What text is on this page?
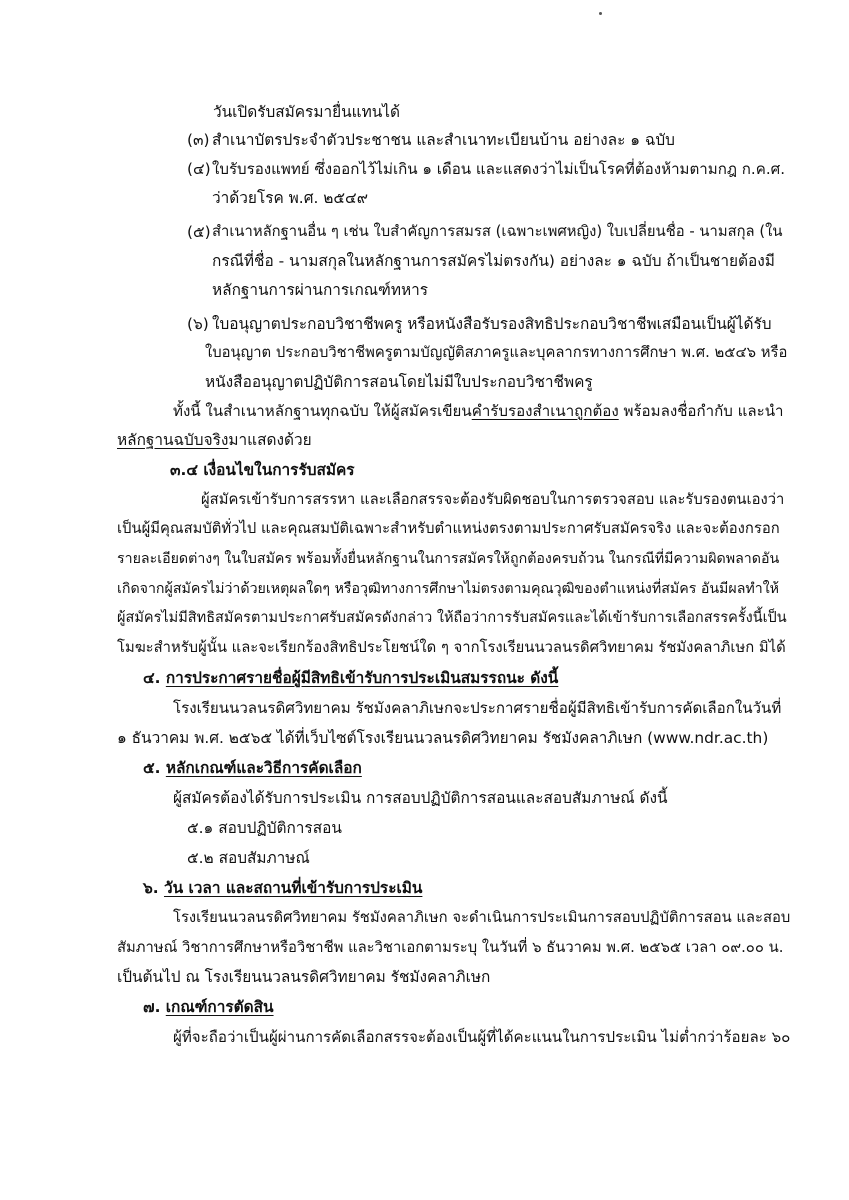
วันเปิดรับสมัครมายื่นแทนได้
(๓) สำเนาบัตรประจำตัวประชาชน และสำเนาทะเบียนบ้าน อย่างละ ๑ ฉบับ
(๔) ใบรับรองแพทย์ ซึ่งออกไว้ไม่เกิน ๑ เดือน และแสดงว่าไม่เป็นโรคที่ต้องห้ามตามกฎ ก.ค.ศ.
ว่าด้วยโรค พ.ศ. ๒๕๔๙
(๕) สำเนาหลักฐานอื่น ๆ เช่น ใบสำคัญการสมรส (เฉพาะเพศหญิง) ใบเปลี่ยนชื่อ - นามสกุล (ใน
กรณีที่ชื่อ - นามสกุลในหลักฐานการสมัครไม่ตรงกัน) อย่างละ ๑ ฉบับ ถ้าเป็นชายต้องมี
หลักฐานการผ่านการเกณฑ์ทหาร
(๖) ใบอนุญาตประกอบวิชาชีพครู หรือหนังสือรับรองสิทธิประกอบวิชาชีพเสมือนเป็นผู้ได้รับ
ใบอนุญาต ประกอบวิชาชีพครูตามบัญญัติสภาครูและบุคลากรทางการศึกษา พ.ศ. ๒๕๔๖ หรือ
หนังสืออนุญาตปฏิบัติการสอนโดยไม่มีใบประกอบวิชาชีพครู
ทั้งนี้ ในสำเนาหลักฐานทุกฉบับ ให้ผู้สมัครเขียนคำรับรองสำเนาถูกต้อง พร้อมลงชื่อกำกับ และนำ
หลักฐานฉบับจริงมาแสดงด้วย
๓.๔ เงื่อนไขในการรับสมัคร
ผู้สมัครเข้ารับการสรรหา และเลือกสรรจะต้องรับผิดชอบในการตรวจสอบ และรับรองตนเองว่า
เป็นผู้มีคุณสมบัติทั่วไป และคุณสมบัติเฉพาะสำหรับตำแหน่งตรงตามประกาศรับสมัครจริง และจะต้องกรอก
รายละเอียดต่างๆ ในใบสมัคร พร้อมทั้งยื่นหลักฐานในการสมัครให้ถูกต้องครบถ้วน ในกรณีที่มีความผิดพลาดอัน
เกิดจากผู้สมัครไม่ว่าด้วยเหตุผลใดๆ หรือวุฒิทางการศึกษาไม่ตรงตามคุณวุฒิของตำแหน่งที่สมัคร อันมีผลทำให้
ผู้สมัครไม่มีสิทธิสมัครตามประกาศรับสมัครดังกล่าว ให้ถือว่าการรับสมัครและได้เข้ารับการเลือกสรรครั้งนี้เป็น
โมฆะสำหรับผู้นั้น และจะเรียกร้องสิทธิประโยชน์ใด ๆ จากโรงเรียนนวลนรดิศวิทยาคม รัชมังคลาภิเษก มิได้
๔. การประกาศรายชื่อผู้มีสิทธิเข้ารับการประเมินสมรรถนะ ดังนี้
โรงเรียนนวลนรดิศวิทยาคม รัชมังคลาภิเษกจะประกาศรายชื่อผู้มีสิทธิเข้ารับการคัดเลือกในวันที่
๑ ธันวาคม พ.ศ. ๒๕๖๕ ได้ที่เว็บไซต์โรงเรียนนวลนรดิศวิทยาคม รัชมังคลาภิเษก (www.ndr.ac.th)
๕. หลักเกณฑ์และวิธีการคัดเลือก
ผู้สมัครต้องได้รับการประเมิน การสอบปฏิบัติการสอนและสอบสัมภาษณ์ ดังนี้
๕.๑ สอบปฏิบัติการสอน
๕.๒ สอบสัมภาษณ์
๖. วัน เวลา และสถานที่เข้ารับการประเมิน
โรงเรียนนวลนรดิศวิทยาคม รัชมังคลาภิเษก จะดำเนินการประเมินการสอบปฏิบัติการสอน และสอบ
สัมภาษณ์ วิชาการศึกษาหรือวิชาชีพ และวิชาเอกตามระบุ ในวันที่ ๖ ธันวาคม พ.ศ. ๒๕๖๕ เวลา ๐๙.๐๐ น.
เป็นต้นไป ณ โรงเรียนนวลนรดิศวิทยาคม รัชมังคลาภิเษก
๗. เกณฑ์การตัดสิน
ผู้ที่จะถือว่าเป็นผู้ผ่านการคัดเลือกสรรจะต้องเป็นผู้ที่ได้คะแนนในการประเมิน ไม่ต่ำกว่าร้อยละ ๖๐
